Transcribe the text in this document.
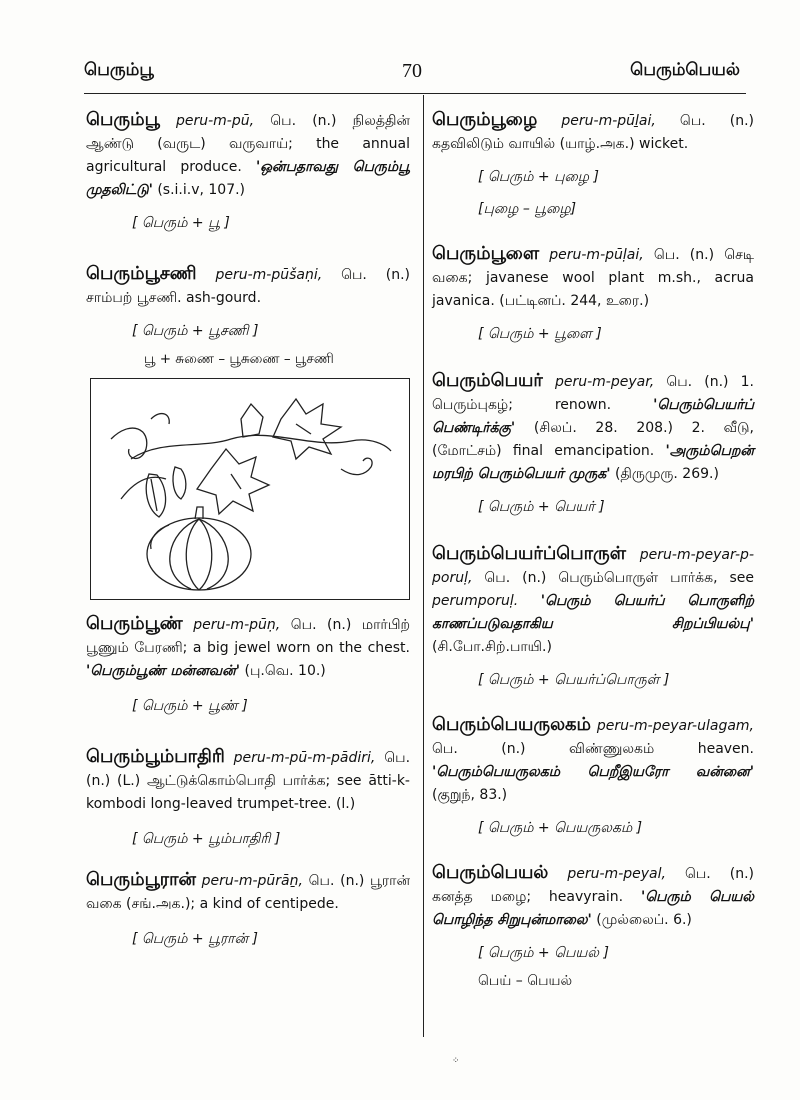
பெரும்பூ	70	பெரும்பெயல்
பெரும்பூ peru-m-pū, பெ. (n.) நிலத்தின் ஆண்டு (வருட) வருவாய்; the annual agricultural produce. 'ஒன்பதாவது பெரும்பூ முதலிட்டு' (s.i.i.v, 107.)
[ பெரும் + பூ ]
பெரும்பூசணி peru-m-pūšaṇi, பெ. (n.) சாம்பற் பூசணி. ash-gourd.
[ பெரும் + பூசணி ]
பூ + சுணை – பூசுணை – பூசணி
பெரும்பூண் peru-m-pūṇ, பெ. (n.) மார்பிற் பூணும் பேரணி; a big jewel worn on the chest. 'பெரும்பூண் மன்னவன்' (பு.வெ. 10.)
[ பெரும் + பூண் ]
பெரும்பூம்பாதிரி peru-m-pū-m-pādiri, பெ. (n.) (L.) ஆட்டுக்கொம்பொதி பார்க்க; see ātti-k-kombodi long-leaved trumpet-tree. (l.)
[ பெரும் + பூம்பாதிரி ]
பெரும்பூரான் peru-m-pūrāṉ, பெ. (n.) பூரான் வகை (சங்.அக.); a kind of centipede.
[ பெரும் + பூரான் ]
பெரும்பூழை peru-m-pūḻai, பெ. (n.) கதவிலிடும் வாயில் (யாழ்.அக.) wicket.
[ பெரும் + புழை ]
[புழை – பூழை]
பெரும்பூளை peru-m-pūḷai, பெ. (n.) செடி வகை; javanese wool plant m.sh., acrua javanica. (பட்டினப். 244, உரை.)
[ பெரும் + பூளை ]
பெரும்பெயர் peru-m-peyar, பெ. (n.) 1. பெரும்புகழ்; renown.	'பெரும்பெயர்ப் பெண்டிர்க்கு' (சிலப். 28. 208.) 2. வீடு, (மோட்சம்) final emancipation. 'அரும்பெறன் மரபிற் பெரும்பெயர் முருக' (திருமுரு. 269.)
[ பெரும் + பெயர் ]
பெரும்பெயர்ப்பொருள் peru-m-peyar-p-poruḷ, பெ. (n.) பெரும்பொருள் பார்க்க, see perumporuḷ. 'பெரும் பெயர்ப் பொருளிற் காணப்படுவதாகிய சிறப்பியல்பு' (சி.போ.சிற்.பாயி.)
[ பெரும் + பெயர்ப்பொருள் ]
பெரும்பெயருலகம் peru-m-peyar-ulagam, பெ. (n.) விண்ணுலகம் heaven. 'பெரும்பெயருலகம் பெறீஇயரோ வன்னை' (குறுந், 83.)
[ பெரும் + பெயருலகம் ]
பெரும்பெயல் peru-m-peyal, பெ. (n.) கனத்த மழை; heavyrain. 'பெரும் பெயல் பொழிந்த சிறுபுன்மாலை' (முல்லைப். 6.)
[ பெரும் + பெயல் ]
பெய் – பெயல்
⁘
